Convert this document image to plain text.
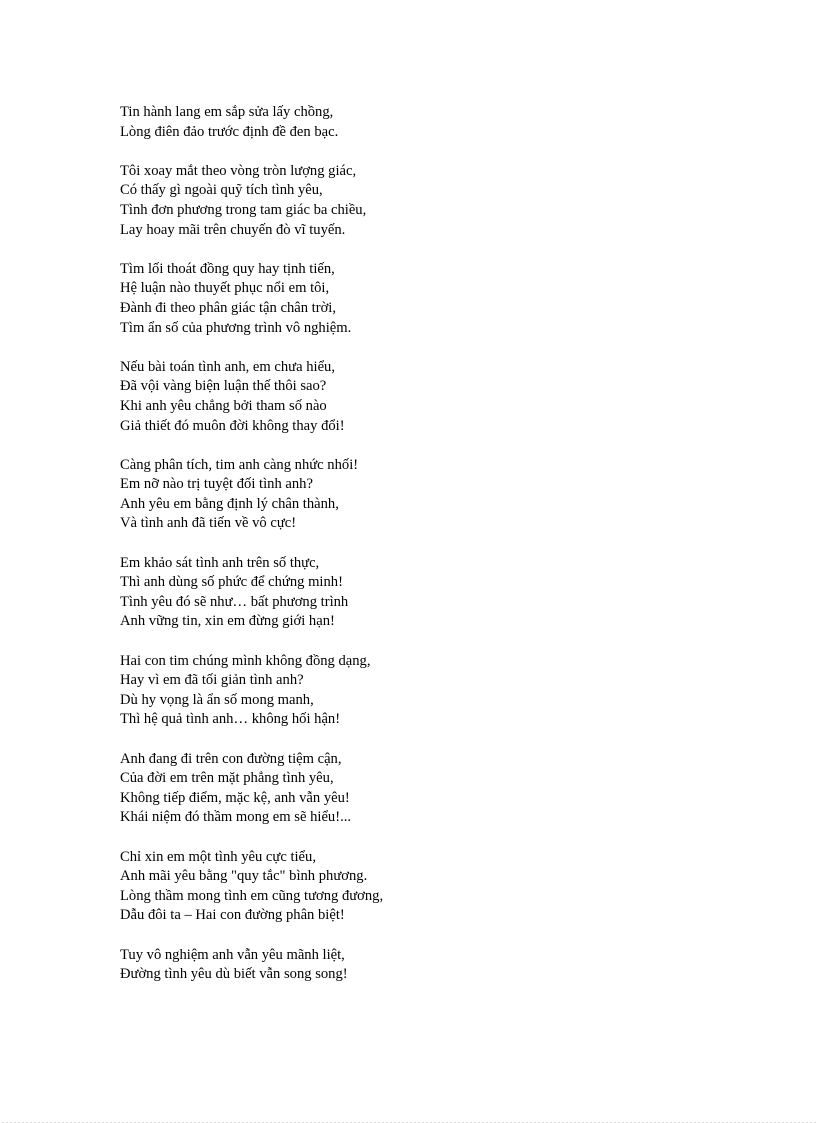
Tin hành lang em sắp sửa lấy chồng,
Lòng điên đảo trước định đề đen bạc.
Tôi xoay mắt theo vòng tròn lượng giác,
Có thấy gì ngoài quỹ tích tình yêu,
Tình đơn phương trong tam giác ba chiều,
Lay hoay mãi trên chuyến đò vĩ tuyến.
Tìm lối thoát đồng quy hay tịnh tiến,
Hệ luận nào thuyết phục nổi em tôi,
Đành đi theo phân giác tận chân trời,
Tìm ẩn số của phương trình vô nghiệm.
Nếu bài toán tình anh, em chưa hiểu,
Đã vội vàng biện luận thế thôi sao?
Khi anh yêu chẳng bởi tham số nào
Giả thiết đó muôn đời không thay đổi!
Càng phân tích, tim anh càng nhức nhối!
Em nỡ nào trị tuyệt đối tình anh?
Anh yêu em bằng định lý chân thành,
Và tình anh đã tiến về vô cực!
Em khảo sát tình anh trên số thực,
Thì anh dùng số phức để chứng minh!
Tình yêu đó sẽ như… bất phương trình
Anh vững tin, xin em đừng giới hạn!
Hai con tim chúng mình không đồng dạng,
Hay vì em đã tối giản tình anh?
Dù hy vọng là ẩn số mong manh,
Thì hệ quả tình anh… không hối hận!
Anh đang đi trên con đường tiệm cận,
Của đời em trên mặt phẳng tình yêu,
Không tiếp điểm, mặc kệ, anh vẫn yêu!
Khái niệm đó thầm mong em sẽ hiểu!...
Chỉ xin em một tình yêu cực tiểu,
Anh mãi yêu bằng "quy tắc" bình phương.
Lòng thầm mong tình em cũng tương đương,
Dẫu đôi ta – Hai con đường phân biệt!
Tuy vô nghiệm anh vẫn yêu mãnh liệt,
Đường tình yêu dù biết vẫn song song!
